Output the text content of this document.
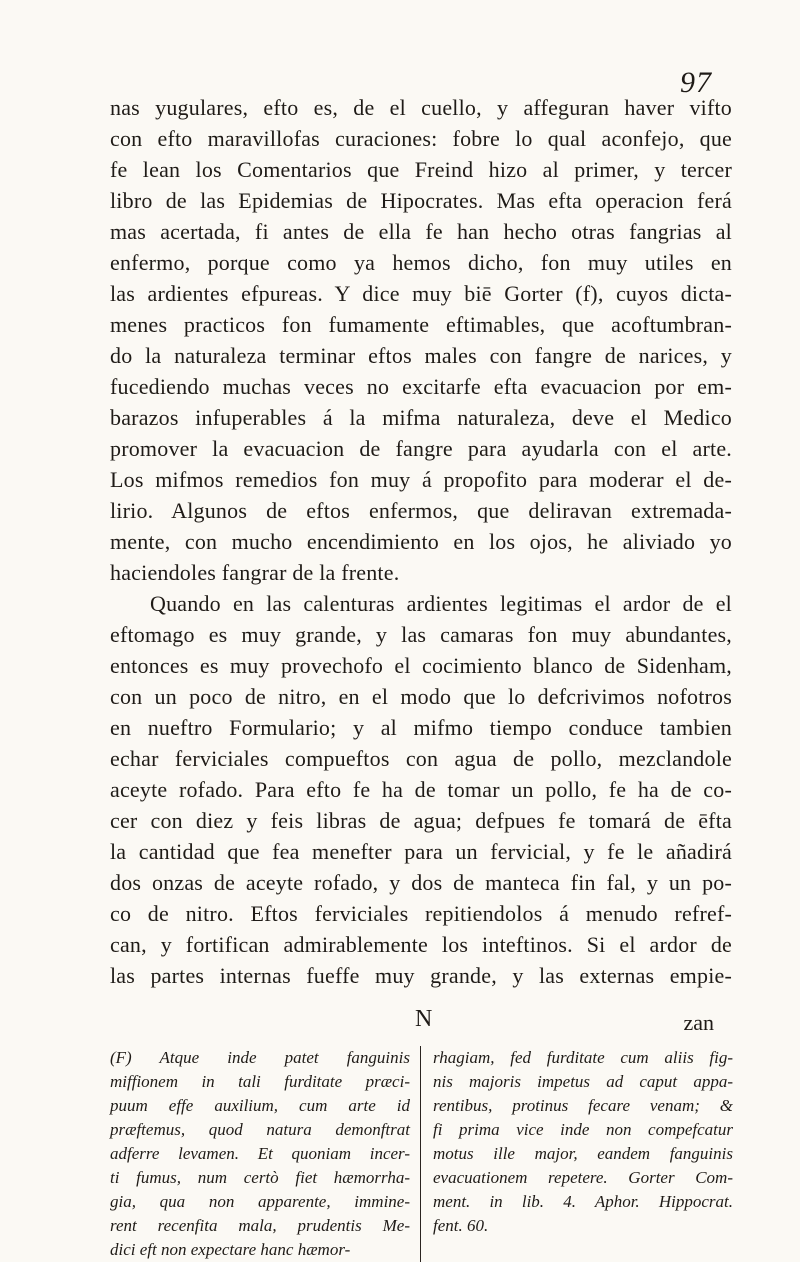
97
nas yugulares, efto es, de el cuello, y affeguran haver vifto
con efto maravillofas curaciones: fobre lo qual aconfejo, que
fe lean los Comentarios que Freind hizo al primer, y tercer
libro de las Epidemias de Hipocrates. Mas efta operacion ferá
mas acertada, fi antes de ella fe han hecho otras fangrias al
enfermo, porque como ya hemos dicho, fon muy utiles en
las ardientes efpureas. Y dice muy biē Gorter (f), cuyos dicta-
menes practicos fon fumamente eftimables, que acoftumbran-
do la naturaleza terminar eftos males con fangre de narices, y
fucediendo muchas veces no excitarfe efta evacuacion por em-
barazos infuperables á la mifma naturaleza, deve el Medico
promover la evacuacion de fangre para ayudarla con el arte.
Los mifmos remedios fon muy á propofito para moderar el de-
lirio. Algunos de eftos enfermos, que deliravan extremada-
mente, con mucho encendimiento en los ojos, he aliviado yo
haciendoles fangrar de la frente.
Quando en las calenturas ardientes legitimas el ardor de el
eftomago es muy grande, y las camaras fon muy abundantes,
entonces es muy provechofo el cocimiento blanco de Sidenham,
con un poco de nitro, en el modo que lo defcrivimos nofotros
en nueftro Formulario; y al mifmo tiempo conduce tambien
echar ferviciales compueftos con agua de pollo, mezclandole
aceyte rofado. Para efto fe ha de tomar un pollo, fe ha de co-
cer con diez y feis libras de agua; defpues fe tomará de ēfta
la cantidad que fea menefter para un fervicial, y fe le añadirá
dos onzas de aceyte rofado, y dos de manteca fin fal, y un po-
co de nitro. Eftos ferviciales repitiendolos á menudo refref-
can, y fortifican admirablemente los inteftinos. Si el ardor de
las partes internas fueffe muy grande, y las externas empie-
N	zan
(F) Atque inde patet fanguinis
miffionem in tali furditate præci-
puum effe auxilium, cum arte id
præftemus, quod natura demonftrat
adferre levamen. Et quoniam incer-
ti fumus, num certò fiet hæmorrha-
gia, qua non apparente, immine-
rent recenfita mala, prudentis Me-
dici eft non expectare hanc hæmor-
rhagiam, fed furditate cum aliis fig-
nis majoris impetus ad caput appa-
rentibus, protinus fecare venam; &
fi prima vice inde non compefcatur
motus ille major, eandem fanguinis
evacuationem repetere. Gorter Com-
ment. in lib. 4. Aphor. Hippocrat.
fent. 60.
